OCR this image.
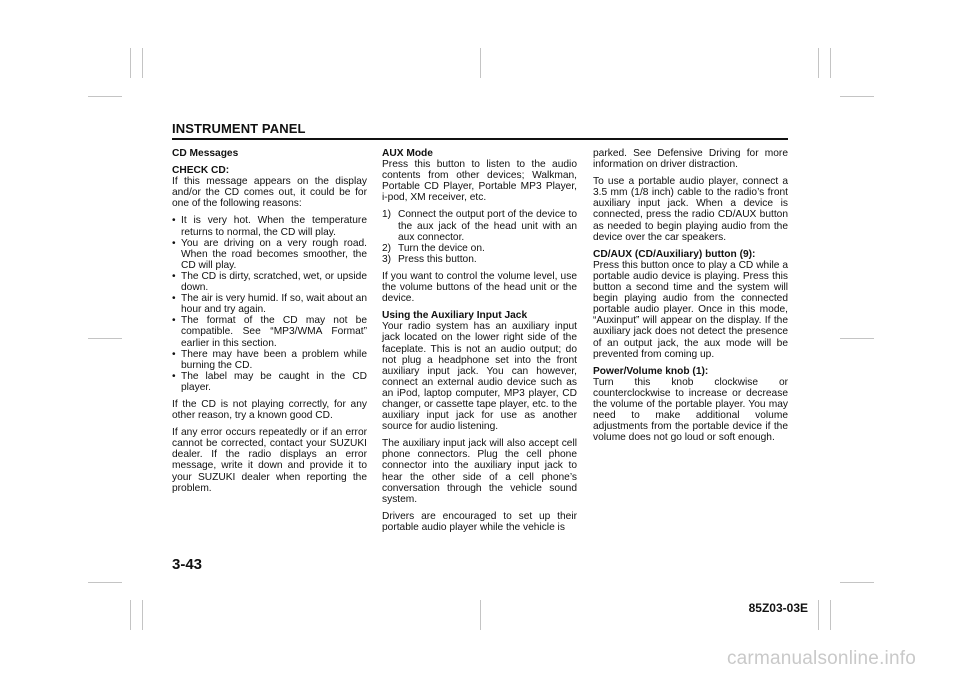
INSTRUMENT PANEL

CD Messages

CHECK CD:
If this message appears on the display and/or the CD comes out, it could be for one of the following reasons:

• It is very hot. When the temperature returns to normal, the CD will play.
• You are driving on a very rough road. When the road becomes smoother, the CD will play.
• The CD is dirty, scratched, wet, or upside down.
• The air is very humid. If so, wait about an hour and try again.
• The format of the CD may not be compatible. See “MP3/WMA Format” earlier in this section.
• There may have been a problem while burning the CD.
• The label may be caught in the CD player.

If the CD is not playing correctly, for any other reason, try a known good CD.

If any error occurs repeatedly or if an error cannot be corrected, contact your SUZUKI dealer. If the radio displays an error message, write it down and provide it to your SUZUKI dealer when reporting the problem.

AUX Mode
Press this button to listen to the audio contents from other devices; Walkman, Portable CD Player, Portable MP3 Player, i-pod, XM receiver, etc.

1) Connect the output port of the device to the aux jack of the head unit with an aux connector.
2) Turn the device on.
3) Press this button.

If you want to control the volume level, use the volume buttons of the head unit or the device.

Using the Auxiliary Input Jack
Your radio system has an auxiliary input jack located on the lower right side of the faceplate. This is not an audio output; do not plug a headphone set into the front auxiliary input jack. You can however, connect an external audio device such as an iPod, laptop computer, MP3 player, CD changer, or cassette tape player, etc. to the auxiliary input jack for use as another source for audio listening.

The auxiliary input jack will also accept cell phone connectors. Plug the cell phone connector into the auxiliary input jack to hear the other side of a cell phone’s conversation through the vehicle sound system.

Drivers are encouraged to set up their portable audio player while the vehicle is

parked. See Defensive Driving for more information on driver distraction.

To use a portable audio player, connect a 3.5 mm (1/8 inch) cable to the radio’s front auxiliary input jack. When a device is connected, press the radio CD/AUX button as needed to begin playing audio from the device over the car speakers.

CD/AUX (CD/Auxiliary) button (9):
Press this button once to play a CD while a portable audio device is playing. Press this button a second time and the system will begin playing audio from the connected portable audio player. Once in this mode, “Auxinput” will appear on the display. If the auxiliary jack does not detect the presence of an output jack, the aux mode will be prevented from coming up.

Power/Volume knob (1):
Turn this knob clockwise or counterclockwise to increase or decrease the volume of the portable player. You may need to make additional volume adjustments from the portable device if the volume does not go loud or soft enough.

3-43
85Z03-03E
carmanualsonline.info
